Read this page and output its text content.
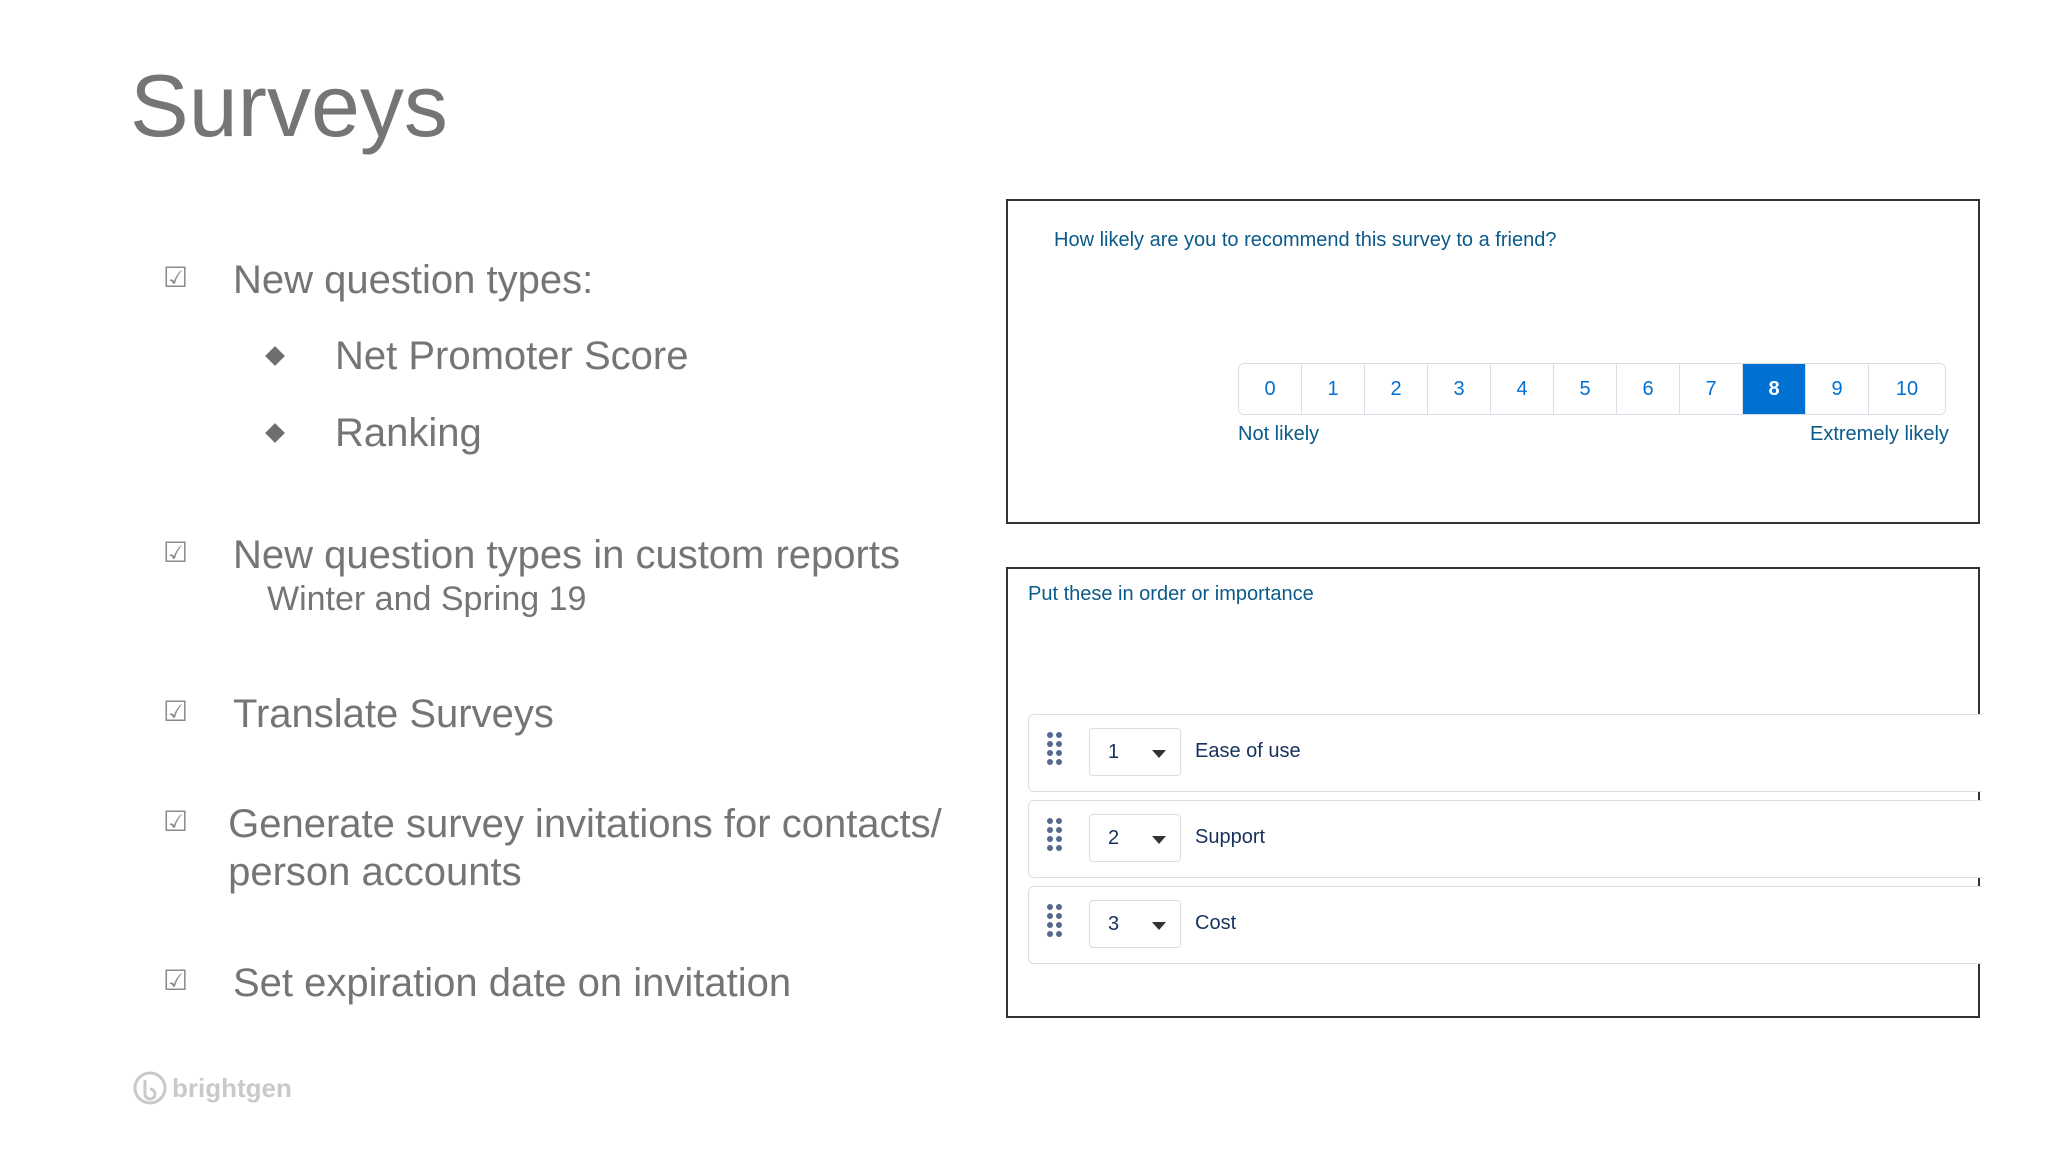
Surveys
☑ New question types:
Net Promoter Score
Ranking
☑ New question types in custom reports
Winter and Spring 19
☑ Translate Surveys
☑ Generate survey invitations for contacts/ person accounts
☑ Set expiration date on invitation
How likely are you to recommend this survey to a friend?
0	1	2	3	4	5	6	7	8	9	10
Not likely	Extremely likely
Put these in order or importance
1	Ease of use
2	Support
3	Cost
brightgen
